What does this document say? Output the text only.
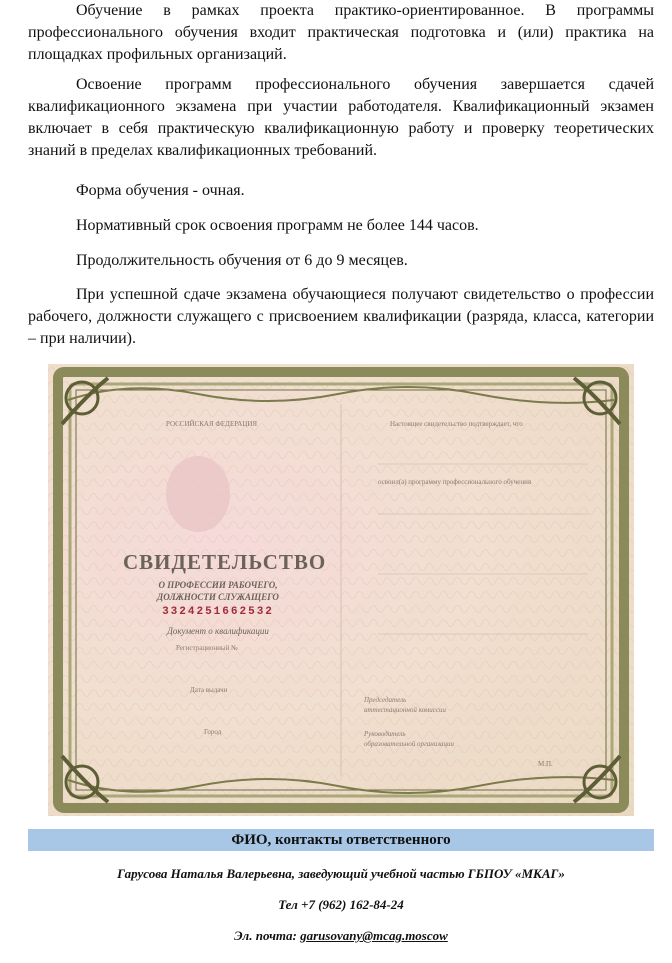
Обучение в рамках проекта практико-ориентированное. В программы профессионального обучения входит практическая подготовка и (или) практика на площадках профильных организаций.

Освоение программ профессионального обучения завершается сдачей квалификационного экзамена при участии работодателя. Квалификационный экзамен включает в себя практическую квалификационную работу и проверку теоретических знаний в пределах квалификационных требований.

Форма обучения - очная.

Нормативный срок освоения программ не более 144 часов.

Продолжительность обучения от 6 до 9 месяцев.

При успешной сдаче экзамена обучающиеся получают свидетельство о профессии рабочего, должности служащего с присвоением квалификации (разряда, класса, категории – при наличии).

РОССИЙСКАЯ ФЕДЕРАЦИЯ	Настоящее свидетельство подтверждает, что
освоил(а) программу профессионального обучения
СВИДЕТЕЛЬСТВО
О ПРОФЕССИИ РАБОЧЕГО,
ДОЛЖНОСТИ СЛУЖАЩЕГО
3324251662532
Документ о квалификации
Регистрационный №
Дата выдачи
Город
Председатель
аттестационной комиссии
Руководитель
образовательной организации
М.П.
ФИО, контакты ответственного
Гарусова Наталья Валерьевна, заведующий учебной частью ГБПОУ «МКАГ»
Тел +7 (962) 162-84-24
Эл. почта: garusovany@mcag.moscow
